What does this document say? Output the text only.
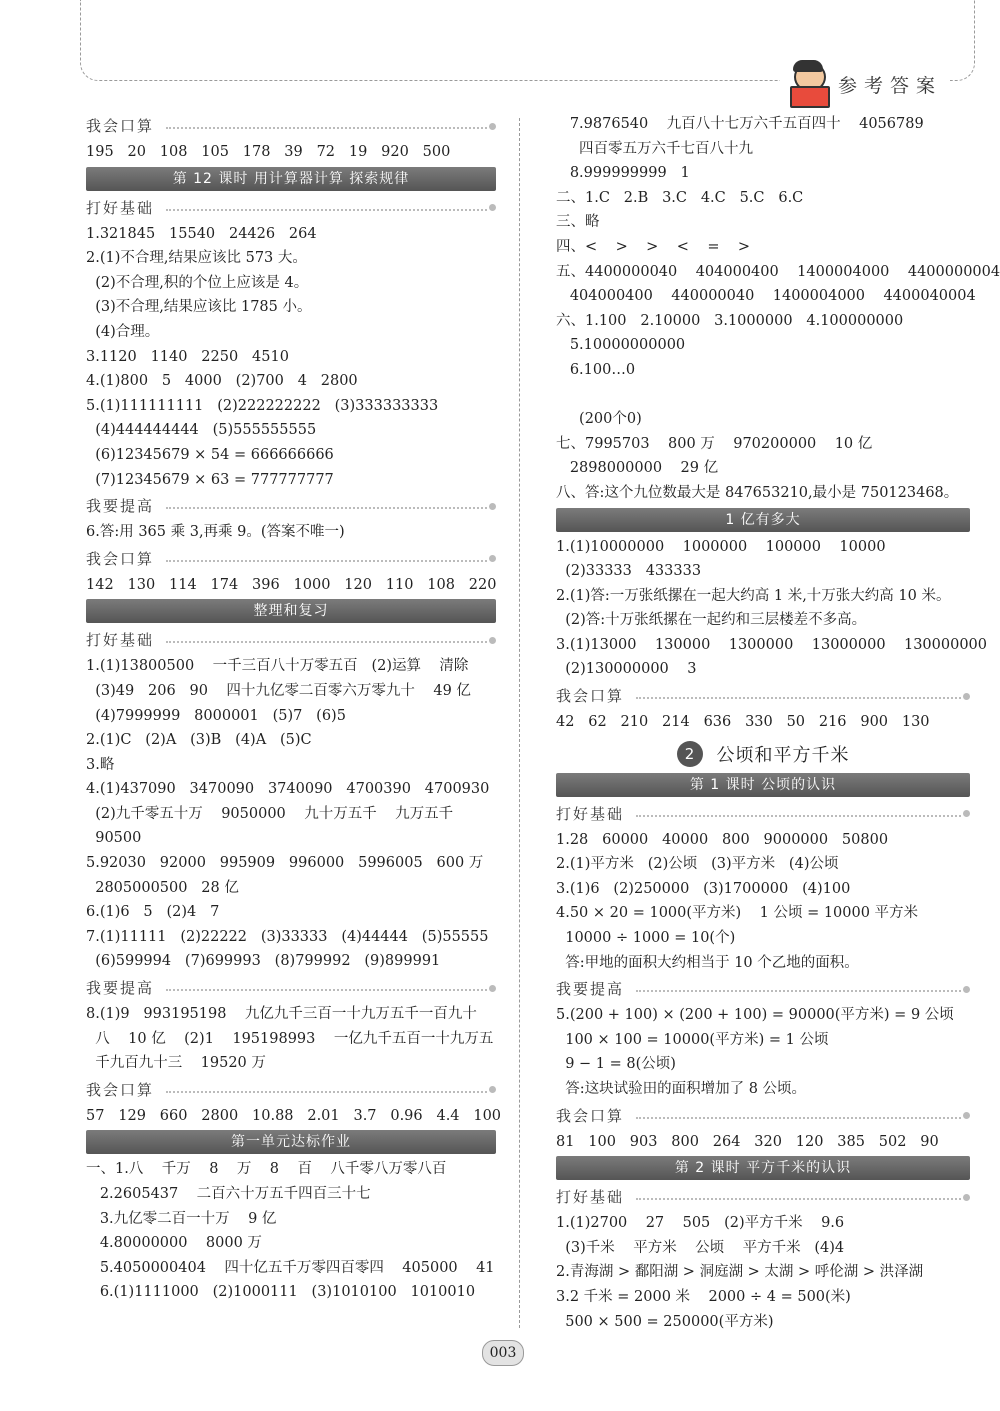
参考答案
我会口算
195   20   108   105   178   39   72   19   920   500
第 12 课时 用计算器计算 探索规律
打好基础
1.321845   15540   24426   264
2.(1)不合理,结果应该比 573 大。
(2)不合理,积的个位上应该是 4。
(3)不合理,结果应该比 1785 小。
(4)合理。
3.1120   1140   2250   4510
4.(1)800   5   4000   (2)700   4   2800
5.(1)111111111   (2)222222222   (3)333333333
(4)444444444   (5)555555555
(6)12345679 × 54 = 666666666
(7)12345679 × 63 = 777777777
我要提高
6.答:用 365 乘 3,再乘 9。(答案不唯一)
我会口算
142   130   114   174   396   1000   120   110   108   220
整理和复习
打好基础
1.(1)13800500    一千三百八十万零五百   (2)运算    清除
(3)49   206   90    四十九亿零二百零六万零九十    49 亿
(4)7999999   8000001   (5)7   (6)5
2.(1)C   (2)A   (3)B   (4)A   (5)C
3.略
4.(1)437090   3470090   3740090   4700390   4700930
(2)九千零五十万    9050000    九十万五千    九万五千
90500
5.92030   92000   995909   996000   5996005   600 万
2805000500   28 亿
6.(1)6   5   (2)4   7
7.(1)11111   (2)22222   (3)33333   (4)44444   (5)55555
(6)599994   (7)699993   (8)799992   (9)899991
我要提高
8.(1)9   993195198    九亿九千三百一十九万五千一百九十
八    10 亿    (2)1    195198993    一亿九千五百一十九万五
千九百九十三    19520 万
我会口算
57   129   660   2800   10.88   2.01   3.7   0.96   4.4   100
第一单元达标作业
一、1.八    千万    8    万    8    百    八千零八万零八百
2.2605437    二百六十万五千四百三十七
3.九亿零二百一十万    9 亿
4.80000000    8000 万
5.4050000404    四十亿五千万零四百零四    405000    41
6.(1)1111000   (2)1000111   (3)1010100   1010010
7.9876540    九百八十七万六千五百四十    4056789
四百零五万六千七百八十九
8.999999999   1
二、1.C   2.B   3.C   4.C   5.C   6.C
三、略
四、<    >    >    <    =    >
五、4400000040    404000400    1400004000    4400000004
404000400    440000040    1400004000    4400040004
六、1.100   2.10000   3.1000000   4.100000000
5.10000000000
6.100…0
(200个0)
七、7995703    800 万    970200000    10 亿
2898000000    29 亿
八、答:这个九位数最大是 847653210,最小是 750123468。
1 亿有多大
1.(1)10000000    1000000    100000    10000
(2)33333   433333
2.(1)答:一万张纸摞在一起大约高 1 米,十万张大约高 10 米。
(2)答:十万张纸摞在一起约和三层楼差不多高。
3.(1)13000    130000    1300000    13000000    130000000
(2)130000000    3
我会口算
42   62   210   214   636   330   50   216   900   130
2	公顷和平方千米
第 1 课时 公顷的认识
打好基础
1.28   60000   40000   800   9000000   50800
2.(1)平方米   (2)公顷   (3)平方米   (4)公顷
3.(1)6   (2)250000   (3)1700000   (4)100
4.50 × 20 = 1000(平方米)    1 公顷 = 10000 平方米
10000 ÷ 1000 = 10(个)
答:甲地的面积大约相当于 10 个乙地的面积。
我要提高
5.(200 + 100) × (200 + 100) = 90000(平方米) = 9 公顷
100 × 100 = 10000(平方米) = 1 公顷
9 − 1 = 8(公顷)
答:这块试验田的面积增加了 8 公顷。
我会口算
81   100   903   800   264   320   120   385   502   90
第 2 课时 平方千米的认识
打好基础
1.(1)2700    27    505   (2)平方千米    9.6
(3)千米    平方米    公顷    平方千米   (4)4
2.青海湖 > 鄱阳湖 > 洞庭湖 > 太湖 > 呼伦湖 > 洪泽湖
3.2 千米 = 2000 米    2000 ÷ 4 = 500(米)
500 × 500 = 250000(平方米)
003
